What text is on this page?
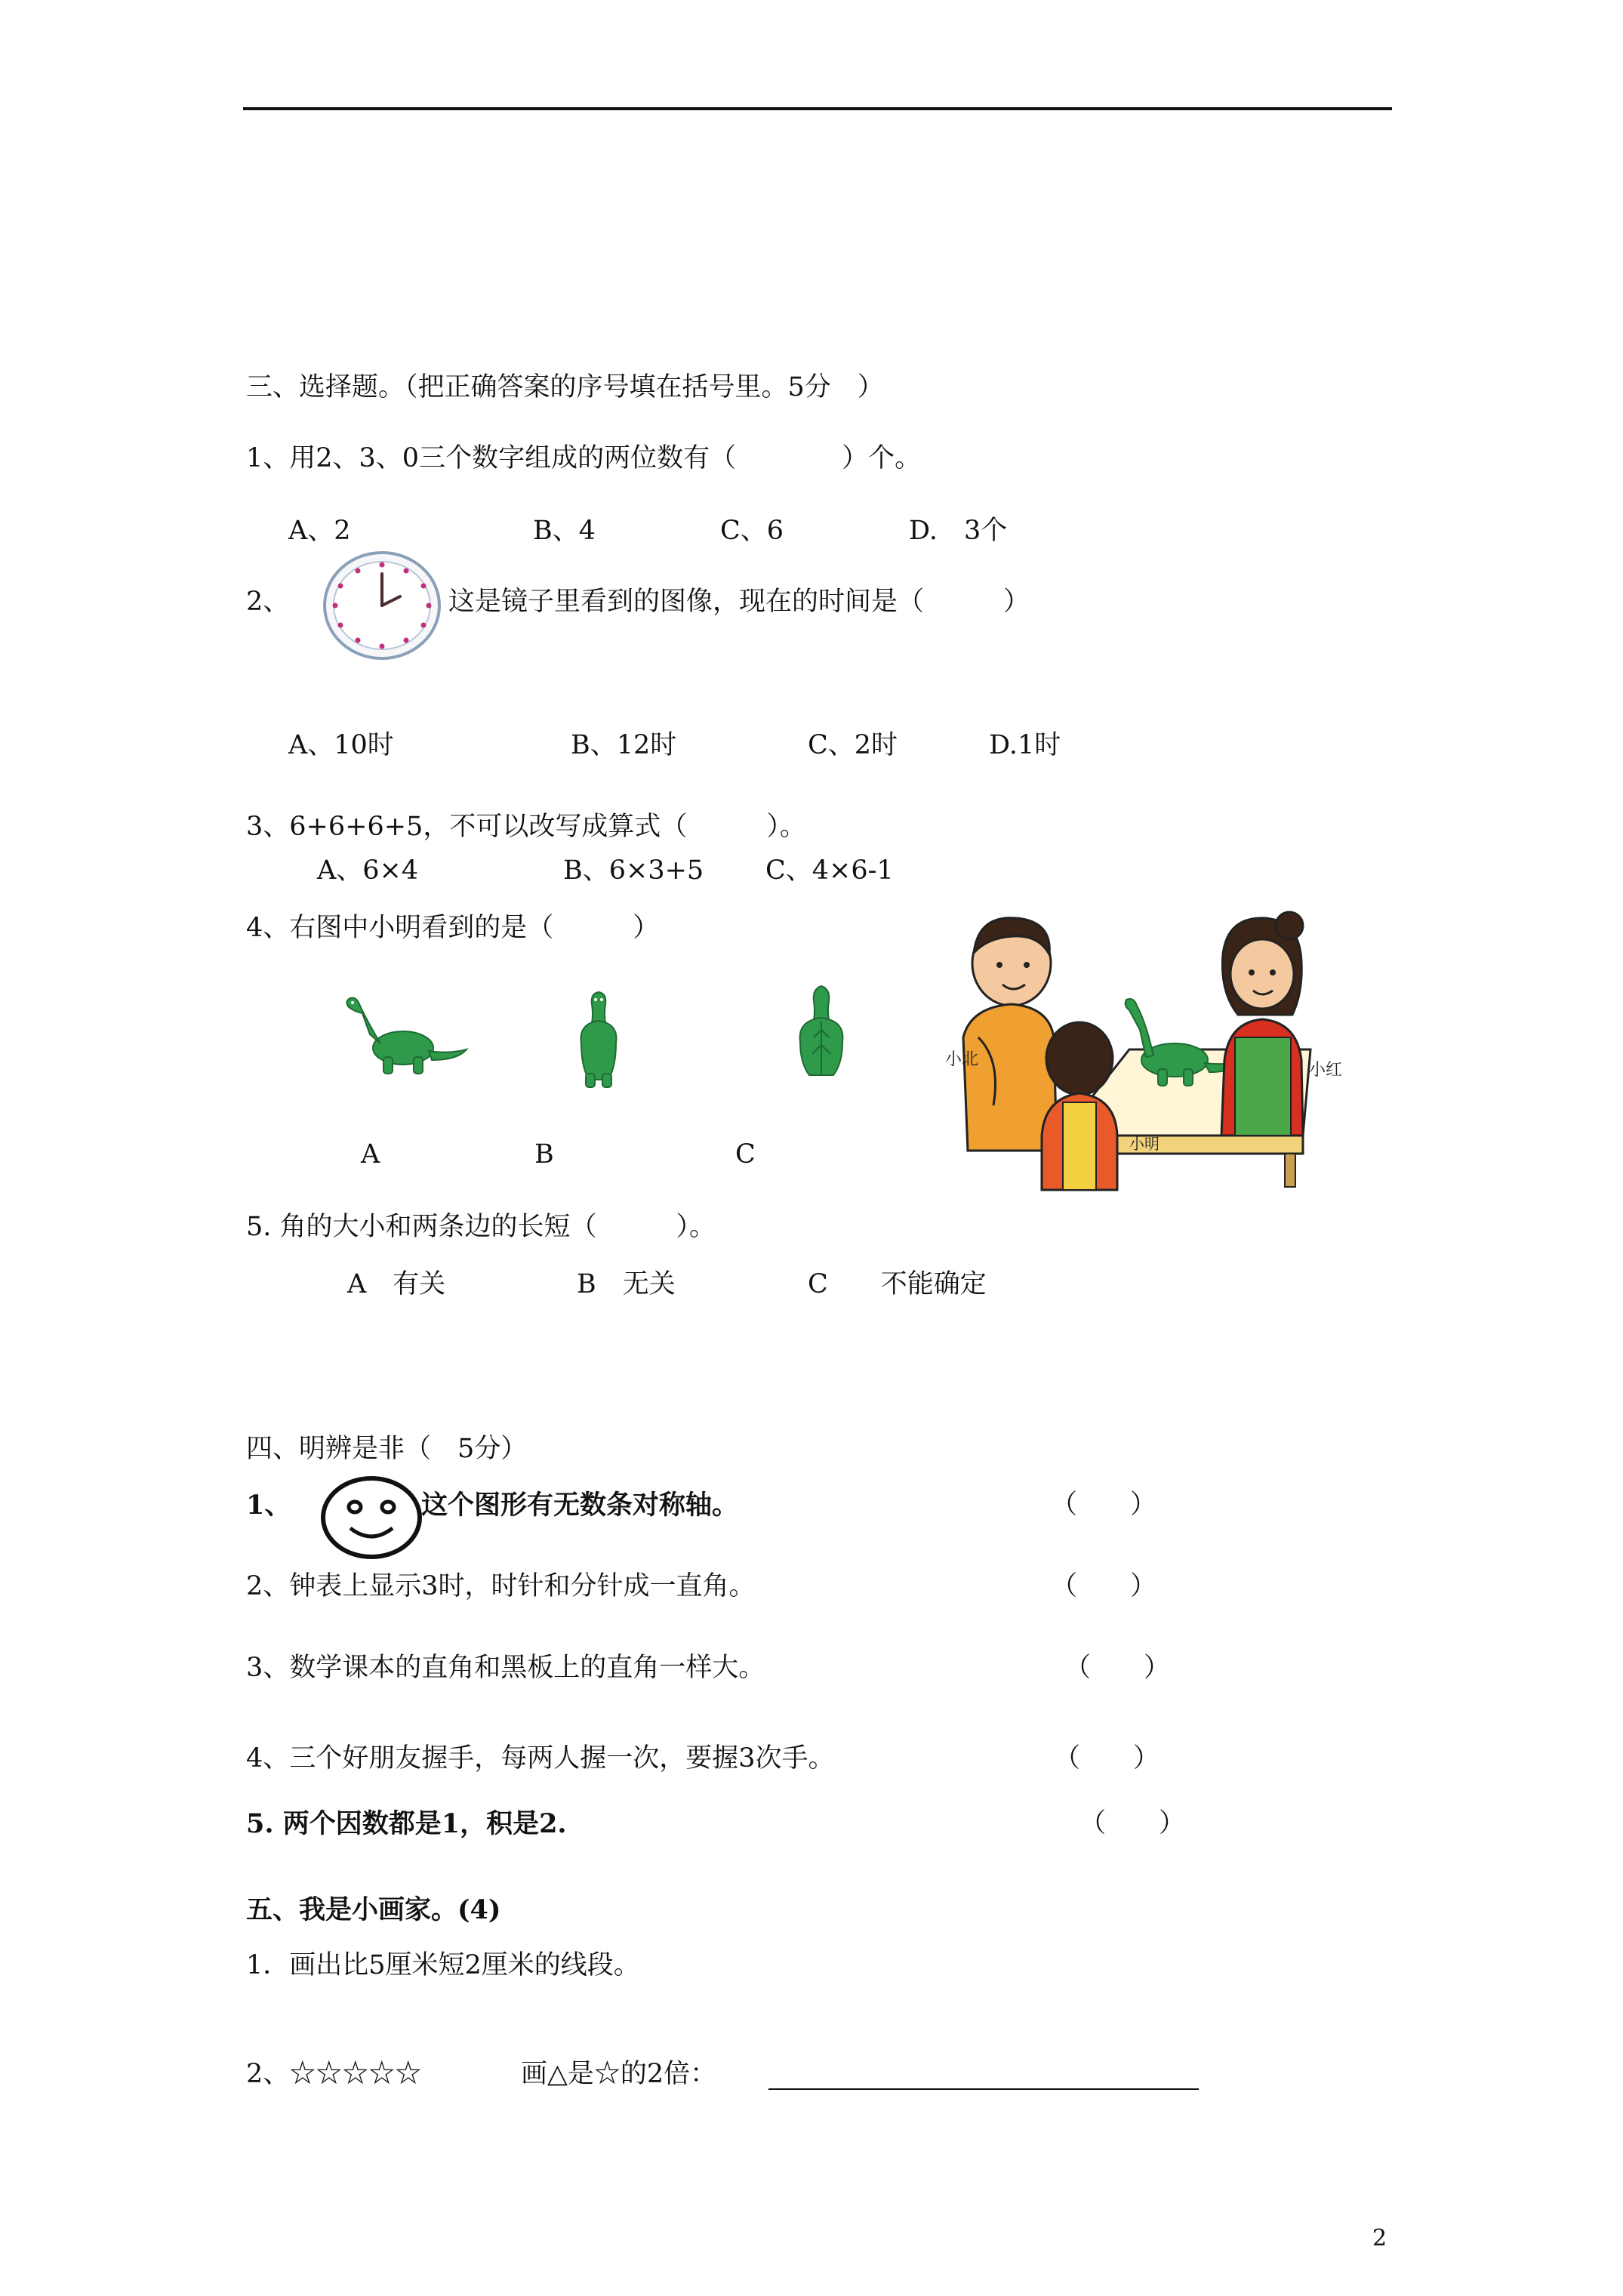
三、选择题。（把正确答案的序号填在括号里。5分　）
1、用2、3、0三个数字组成的两位数有（　　　　）个。
A、2	B、4	C、6	D.　3个
2、	这是镜子里看到的图像，现在的时间是（　　　）
A、10时	B、12时	C、2时	D.1时
3、6+6+6+5，不可以改写成算式（　　　）。
A、6×4	B、6×3+5 C、4×6-1
4、右图中小明看到的是（　　　）
A	B	C
小北
小明
小红
5. 角的大小和两条边的长短（　　　）。
A　有关	B　无关	C　　不能确定
四、明辨是非（　5分）
1、	这个图形有无数条对称轴。	（　　）
2、钟表上显示3时，时针和分针成一直角。	（　　）
3、数学课本的直角和黑板上的直角一样大。	（　　）
4、三个好朋友握手，每两人握一次，要握3次手。	（　　）
5. 两个因数都是1，积是2.	（　　）
五、我是小画家。(4)
1．画出比5厘米短2厘米的线段。
2、☆☆☆☆☆	画△是☆的2倍：
2
